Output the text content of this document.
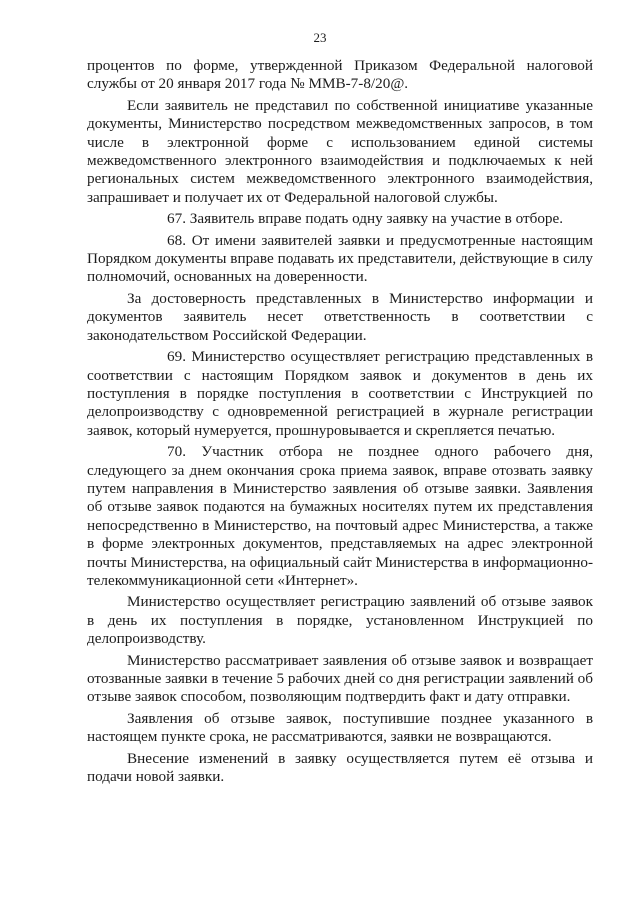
23

процентов по форме, утвержденной Приказом Федеральной налоговой службы от 20 января 2017 года № ММВ-7-8/20@.

Если заявитель не представил по собственной инициативе указанные документы, Министерство посредством межведомственных запросов, в том числе в электронной форме с использованием единой системы межведомственного электронного взаимодействия и подключаемых к ней региональных систем межведомственного электронного взаимодействия, запрашивает и получает их от Федеральной налоговой службы.

67. Заявитель вправе подать одну заявку на участие в отборе.

68. От имени заявителей заявки и предусмотренные настоящим Порядком документы вправе подавать их представители, действующие в силу полномочий, основанных на доверенности.

За достоверность представленных в Министерство информации и документов заявитель несет ответственность в соответствии с законодательством Российской Федерации.

69. Министерство осуществляет регистрацию представленных в соответствии с настоящим Порядком заявок и документов в день их поступления в порядке поступления в соответствии с Инструкцией по делопроизводству с одновременной регистрацией в журнале регистрации заявок, который нумеруется, прошнуровывается и скрепляется печатью.

70. Участник отбора не позднее одного рабочего дня, следующего за днем окончания срока приема заявок, вправе отозвать заявку путем направления в Министерство заявления об отзыве заявки. Заявления об отзыве заявок подаются на бумажных носителях путем их представления непосредственно в Министерство, на почтовый адрес Министерства, а также в форме электронных документов, представляемых на адрес электронной почты Министерства, на официальный сайт Министерства в информационно-телекоммуникационной сети «Интернет».

Министерство осуществляет регистрацию заявлений об отзыве заявок в день их поступления в порядке, установленном Инструкцией по делопроизводству.

Министерство рассматривает заявления об отзыве заявок и возвращает отозванные заявки в течение 5 рабочих дней со дня регистрации заявлений об отзыве заявок способом, позволяющим подтвердить факт и дату отправки.

Заявления об отзыве заявок, поступившие позднее указанного в настоящем пункте срока, не рассматриваются, заявки не возвращаются.

Внесение изменений в заявку осуществляется путем её отзыва и подачи новой заявки.
